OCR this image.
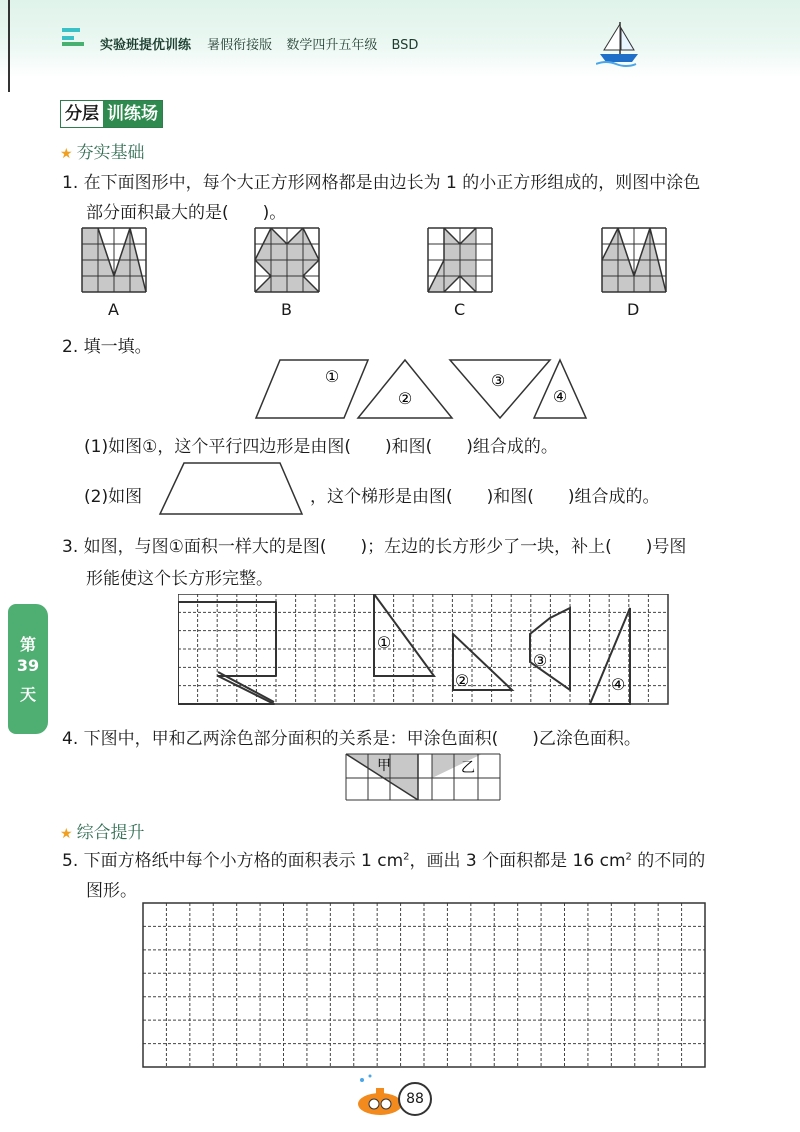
实验班提优训练 暑假衔接版 数学四升五年级 BSD
分层 训练场
★ 夯实基础
1. 在下面图形中，每个大正方形网格都是由边长为 1 的小正方形组成的，则图中涂色
部分面积最大的是(　　)。
A	B	C	D
2. 填一填。
①
②
③
④
(1)如图①，这个平行四边形是由图(　　)和图(　　)组合成的。
(2)如图	，这个梯形是由图(　　)和图(　　)组合成的。
3. 如图，与图①面积一样大的是图(　　)；左边的长方形少了一块，补上(　　)号图
形能使这个长方形完整。
①
②
③
④
第
39
天
4. 下图中，甲和乙两涂色部分面积的关系是：甲涂色面积(　　)乙涂色面积。
甲	乙
★ 综合提升
5. 下面方格纸中每个小方格的面积表示 1 $cm^2$，画出 3 个面积都是 16 $cm^2$ 的不同的
图形。
88
